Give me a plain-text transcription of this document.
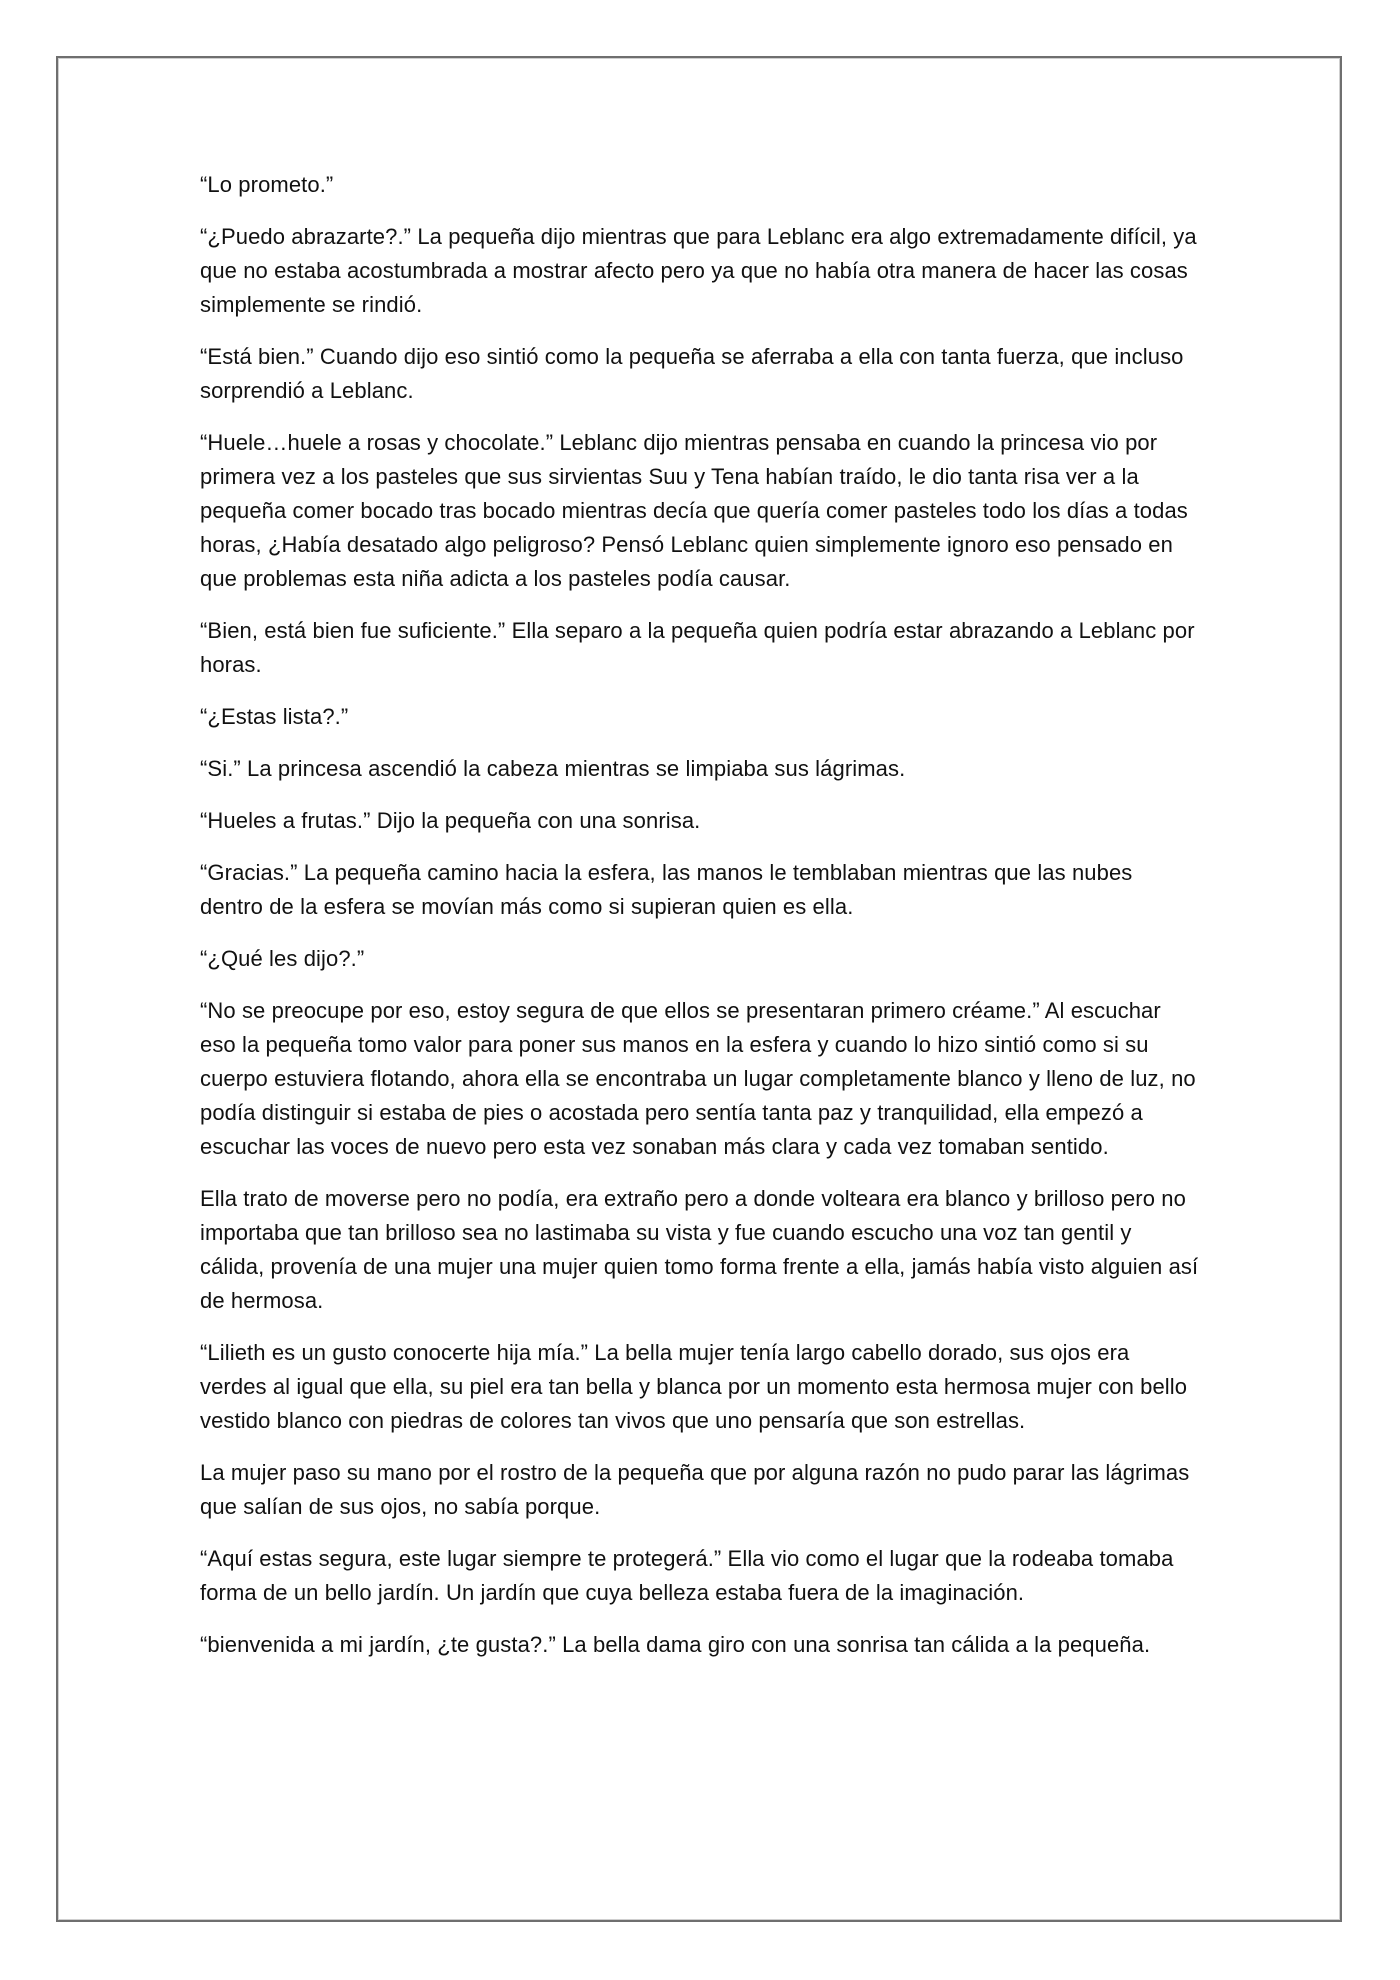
“Lo prometo.”

“¿Puedo abrazarte?.” La pequeña dijo mientras que para Leblanc era algo extremadamente difícil, ya que no estaba acostumbrada a mostrar afecto pero ya que no había otra manera de hacer las cosas simplemente se rindió.

“Está bien.” Cuando dijo eso sintió como la pequeña se aferraba a ella con tanta fuerza, que incluso sorprendió a Leblanc.

“Huele…huele a rosas y chocolate.” Leblanc dijo mientras pensaba en cuando la princesa vio por primera vez a los pasteles que sus sirvientas Suu y Tena habían traído, le dio tanta risa ver a la pequeña comer bocado tras bocado mientras decía que quería comer pasteles todo los días a todas horas, ¿Había desatado algo peligroso? Pensó Leblanc quien simplemente ignoro eso pensado en que problemas esta niña adicta a los pasteles podía causar.

“Bien, está bien fue suficiente.” Ella separo a la pequeña quien podría estar abrazando a Leblanc por horas.

“¿Estas lista?.”

“Si.” La princesa ascendió la cabeza mientras se limpiaba sus lágrimas.

“Hueles a frutas.” Dijo la pequeña con una sonrisa.

“Gracias.” La pequeña camino hacia la esfera, las manos le temblaban mientras que las nubes dentro de la esfera se movían más como si supieran quien es ella.

“¿Qué les dijo?.”

“No se preocupe por eso, estoy segura de que ellos se presentaran primero créame.” Al escuchar eso la pequeña tomo valor para poner sus manos en la esfera y cuando lo hizo sintió como si su cuerpo estuviera flotando, ahora ella se encontraba un lugar completamente blanco y lleno de luz, no podía distinguir si estaba de pies o acostada pero sentía tanta paz y tranquilidad, ella empezó a escuchar las voces de nuevo pero esta vez sonaban más clara y cada vez tomaban sentido.

Ella trato de moverse pero no podía, era extraño pero a donde volteara era blanco y brilloso pero no importaba que tan brilloso sea no lastimaba su vista y fue cuando escucho una voz tan gentil y cálida, provenía de una mujer una mujer quien tomo forma frente a ella, jamás había visto alguien así de hermosa.

“Lilieth es un gusto conocerte hija mía.” La bella mujer tenía largo cabello dorado, sus ojos era verdes al igual que ella, su piel era tan bella y blanca por un momento esta hermosa mujer con bello vestido blanco con piedras de colores tan vivos que uno pensaría que son estrellas.

La mujer paso su mano por el rostro de la pequeña que por alguna razón no pudo parar las lágrimas que salían de sus ojos, no sabía porque.

“Aquí estas segura, este lugar siempre te protegerá.” Ella vio como el lugar que la rodeaba tomaba forma de un bello jardín. Un jardín que cuya belleza estaba fuera de la imaginación.

“bienvenida a mi jardín, ¿te gusta?.” La bella dama giro con una sonrisa tan cálida a la pequeña.
